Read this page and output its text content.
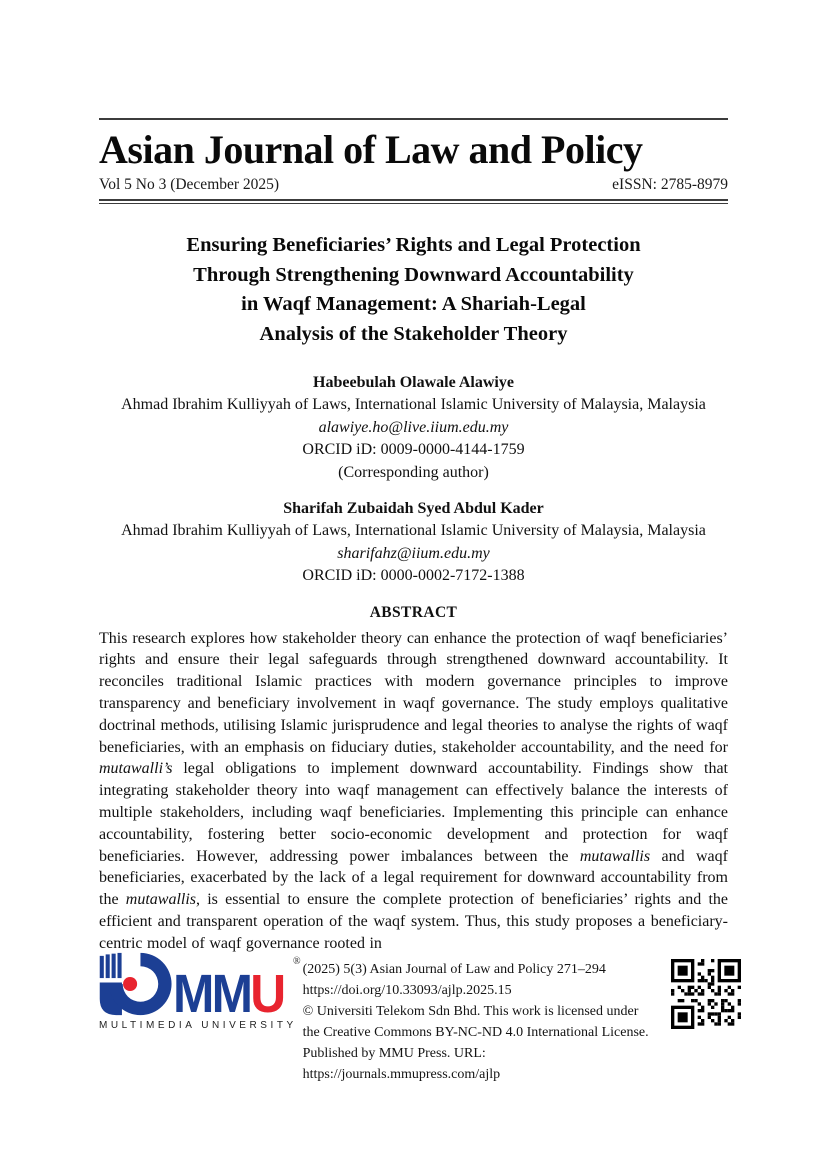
Asian Journal of Law and Policy
Vol 5 No 3 (December 2025)	eISSN: 2785-8979
Ensuring Beneficiaries’ Rights and Legal Protection
Through Strengthening Downward Accountability
in Waqf Management: A Shariah-Legal
Analysis of the Stakeholder Theory
Habeebulah Olawale Alawiye
Ahmad Ibrahim Kulliyyah of Laws, International Islamic University of Malaysia, Malaysia
alawiye.ho@live.iium.edu.my
ORCID iD: 0009-0000-4144-1759
(Corresponding author)
Sharifah Zubaidah Syed Abdul Kader
Ahmad Ibrahim Kulliyyah of Laws, International Islamic University of Malaysia, Malaysia
sharifahz@iium.edu.my
ORCID iD: 0000-0002-7172-1388
ABSTRACT

This research explores how stakeholder theory can enhance the protection of waqf beneficiaries’ rights and ensure their legal safeguards through strengthened downward accountability. It reconciles traditional Islamic practices with modern governance principles to improve transparency and beneficiary involvement in waqf governance. The study employs qualitative doctrinal methods, utilising Islamic jurisprudence and legal theories to analyse the rights of waqf beneficiaries, with an emphasis on fiduciary duties, stakeholder accountability, and the need for mutawalli’s legal obligations to implement downward accountability. Findings show that integrating stakeholder theory into waqf management can effectively balance the interests of multiple stakeholders, including waqf beneficiaries. Implementing this principle can enhance accountability, fostering better socio-economic development and protection for waqf beneficiaries. However, addressing power imbalances between the mutawallis and waqf beneficiaries, exacerbated by the lack of a legal requirement for downward accountability from the mutawallis, is essential to ensure the complete protection of beneficiaries’ rights and the efficient and transparent operation of the waqf system. Thus, this study proposes a beneficiary-centric model of waqf governance rooted in

MMU
MULTIMEDIA UNIVERSITY
®
(2025) 5(3) Asian Journal of Law and Policy 271–294
https://doi.org/10.33093/ajlp.2025.15
© Universiti Telekom Sdn Bhd. This work is licensed under
the Creative Commons BY-NC-ND 4.0 International License.
Published by MMU Press. URL: https://journals.mmupress.com/ajlp
